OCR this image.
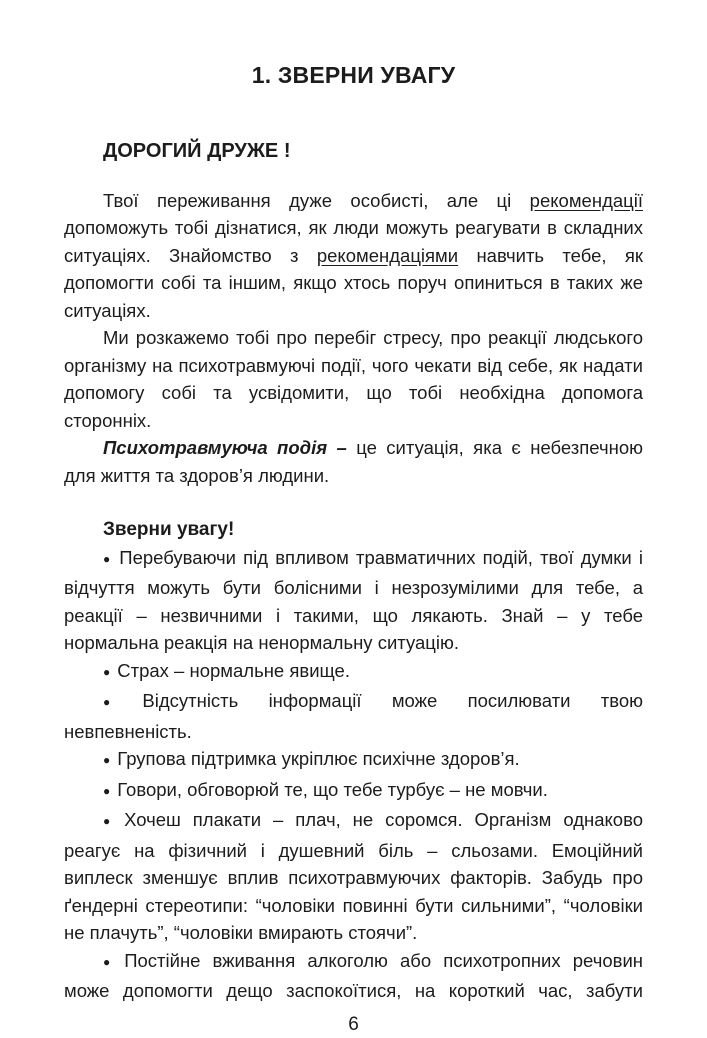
1. ЗВЕРНИ УВАГУ

ДОРОГИЙ ДРУЖЕ !

Твої переживання дуже особисті, але ці рекомендації допоможуть тобі дізнатися, як люди можуть реагувати в складних ситуаціях. Знайомство з рекомендаціями навчить тебе, як допомогти собі та іншим, якщо хтось поруч опиниться в таких же ситуаціях.

Ми розкажемо тобі про перебіг стресу, про реакції людського організму на психотравмуючі події, чого чекати від себе, як надати допомогу собі та усвідомити, що тобі необхідна допомога сторонніх.

Психотравмуюча подія – це ситуація, яка є небезпечною для життя та здоров’я людини.

Зверни увагу!

● Перебуваючи під впливом травматичних подій, твої думки і відчуття можуть бути болісними і незрозумілими для тебе, а реакції – незвичними і такими, що лякають. Знай – у тебе нормальна реакція на ненормальну ситуацію.

● Страх – нормальне явище.

● Відсутність інформації може посилювати твою невпевненість.

● Групова підтримка укріплює психічне здоров’я.

● Говори, обговорюй те, що тебе турбує – не мовчи.

● Хочеш плакати – плач, не соромся. Організм однаково реагує на фізичний і душевний біль – сльозами. Емоційний виплеск зменшує вплив психотравмуючих факторів. Забудь про ґендерні стереотипи: “чоловіки повинні бути сильними”, “чоловіки не плачуть”, “чоловіки вмирають стоячи”.

● Постійне вживання алкоголю або психотропних речовин може допомогти дещо заспокоїтися, на короткий час, забути

6
